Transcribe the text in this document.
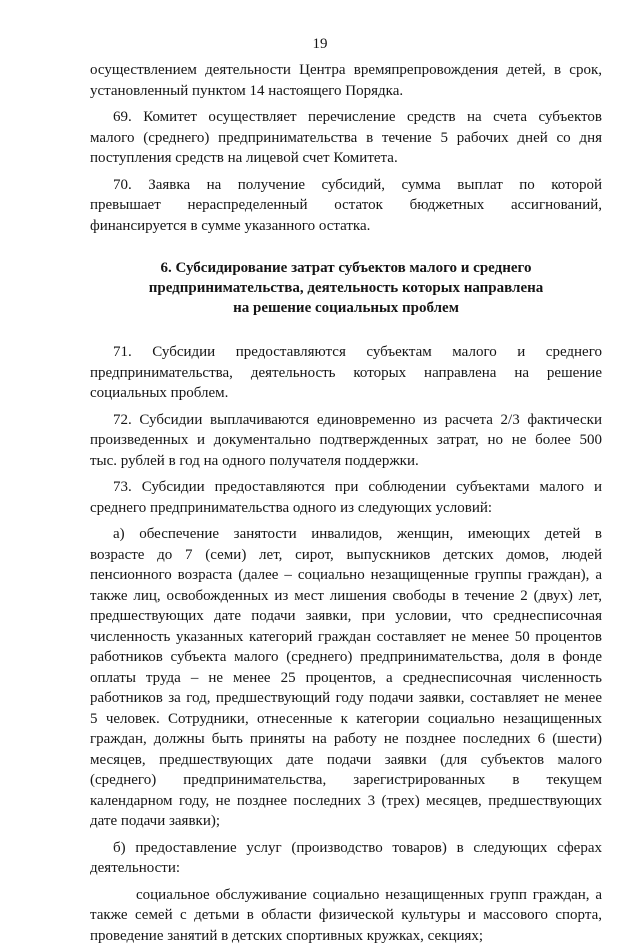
19

осуществлением деятельности Центра времяпрепровождения детей, в срок,
установленный пунктом 14 настоящего Порядка.

69. Комитет осуществляет перечисление средств на счета субъектов
малого (среднего) предпринимательства в течение 5 рабочих дней со дня
поступления средств на лицевой счет Комитета.

70. Заявка на получение субсидий, сумма выплат по которой
превышает нераспределенный остаток бюджетных ассигнований,
финансируется в сумме указанного остатка.

6. Субсидирование затрат субъектов малого и среднего
предпринимательства, деятельность которых направлена
на решение социальных проблем

71. Субсидии предоставляются субъектам малого и среднего
предпринимательства, деятельность которых направлена на решение
социальных проблем.

72. Субсидии выплачиваются единовременно из расчета 2/3 фактически
произведенных и документально подтвержденных затрат, но не более 500
тыс. рублей в год на одного получателя поддержки.

73. Субсидии предоставляются при соблюдении субъектами малого и
среднего предпринимательства одного из следующих условий:

а) обеспечение занятости инвалидов, женщин, имеющих детей в
возрасте до 7 (семи) лет, сирот, выпускников детских домов, людей
пенсионного возраста (далее – социально незащищенные группы граждан), а
также лиц, освобожденных из мест лишения свободы в течение 2 (двух) лет,
предшествующих дате подачи заявки, при условии, что среднесписочная
численность указанных категорий граждан составляет не менее 50 процентов
работников субъекта малого (среднего) предпринимательства, доля в фонде
оплаты труда – не менее 25 процентов, а среднесписочная численность
работников за год, предшествующий году подачи заявки, составляет не менее
5 человек. Сотрудники, отнесенные к категории социально незащищенных
граждан, должны быть приняты на работу не позднее последних 6 (шести)
месяцев, предшествующих дате подачи заявки (для субъектов малого
(среднего) предпринимательства, зарегистрированных в текущем
календарном году, не позднее последних 3 (трех) месяцев, предшествующих
дате подачи заявки);

б) предоставление услуг (производство товаров) в следующих сферах
деятельности:

социальное обслуживание социально незащищенных групп граждан, а
также семей с детьми в области физической культуры и массового спорта,
проведение занятий в детских спортивных кружках, секциях;
